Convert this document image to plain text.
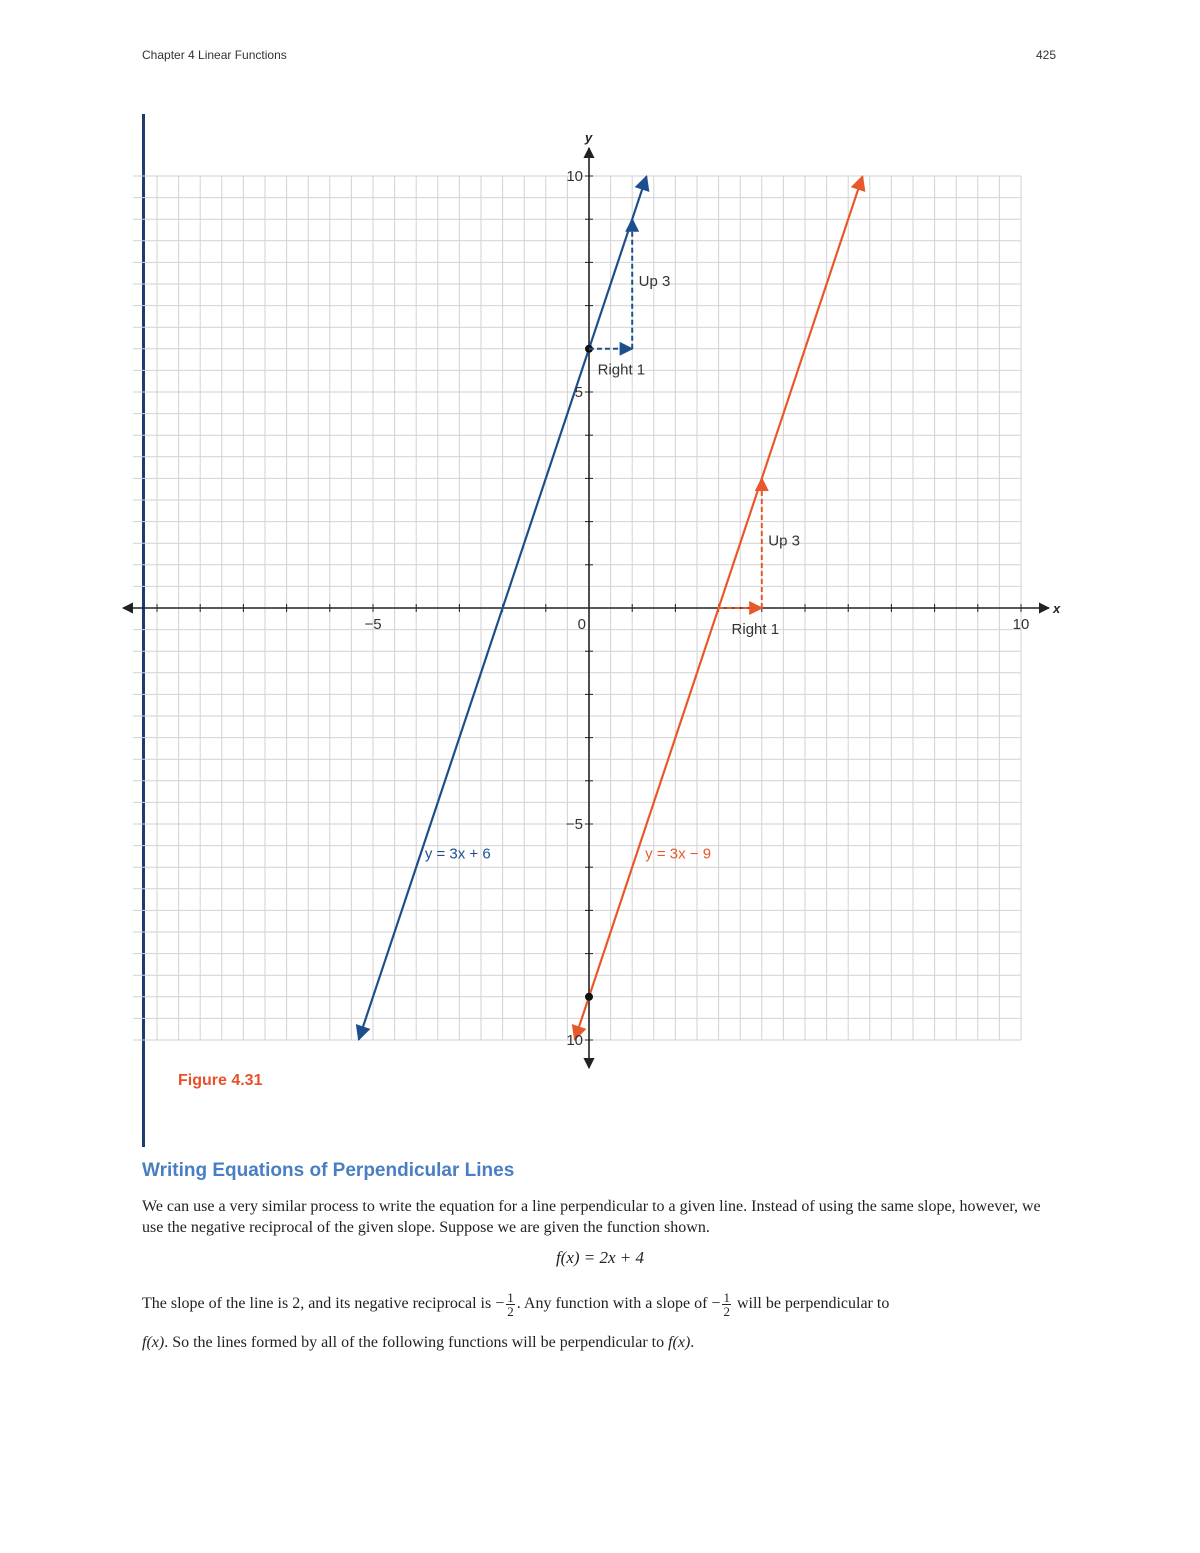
Chapter 4 Linear Functions	425
x
y
−5	0	10
10
5
−5
10
y = 3x + 6	y = 3x − 9
Right 1
Up 3
Right 1
Up 3
Figure 4.31
Writing Equations of Perpendicular Lines

We can use a very similar process to write the equation for a line perpendicular to a given line. Instead of using the same slope, however, we use the negative reciprocal of the given slope. Suppose we are given the function shown.

f(x) = 2x + 4

The slope of the line is 2, and its negative reciprocal is − $\frac{1}{2}$ . Any function with a slope of − $\frac{1}{2}$ will be perpendicular to

f(x). So the lines formed by all of the following functions will be perpendicular to f(x).
